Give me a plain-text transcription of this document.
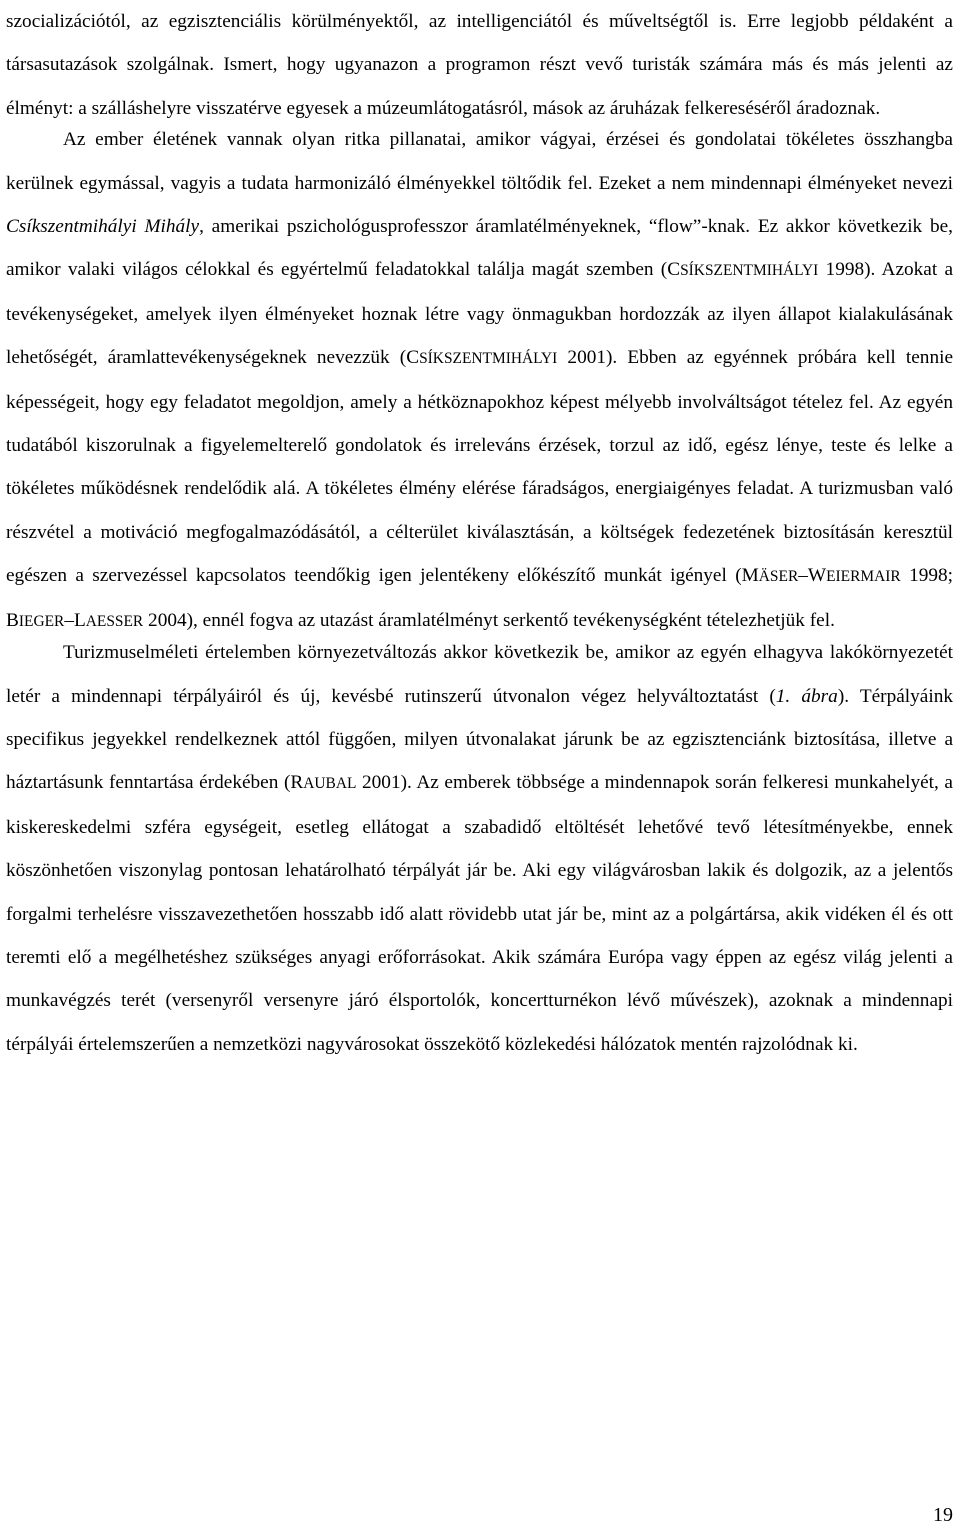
szocializációtól, az egzisztenciális körülményektől, az intelligenciától és műveltségtől is. Erre legjobb példaként a társasutazások szolgálnak. Ismert, hogy ugyanazon a programon részt vevő turisták számára más és más jelenti az élményt: a szálláshelyre visszatérve egyesek a múzeumlátogatásról, mások az áruházak felkereséséről áradoznak.

Az ember életének vannak olyan ritka pillanatai, amikor vágyai, érzései és gondolatai tökéletes összhangba kerülnek egymással, vagyis a tudata harmonizáló élményekkel töltődik fel. Ezeket a nem mindennapi élményeket nevezi Csíkszentmihályi Mihály, amerikai pszichológusprofesszor áramlatélményeknek, “flow”-knak. Ez akkor következik be, amikor valaki világos célokkal és egyértelmű feladatokkal találja magát szemben (CSÍKSZENTMIHÁLYI 1998). Azokat a tevékenységeket, amelyek ilyen élményeket hoznak létre vagy önmagukban hordozzák az ilyen állapot kialakulásának lehetőségét, áramlattevékenységeknek nevezzük (CSÍKSZENTMIHÁLYI 2001). Ebben az egyénnek próbára kell tennie képességeit, hogy egy feladatot megoldjon, amely a hétköznapokhoz képest mélyebb involváltságot tételez fel. Az egyén tudatából kiszorulnak a figyelemelterelő gondolatok és irreleváns érzések, torzul az idő, egész lénye, teste és lelke a tökéletes működésnek rendelődik alá. A tökéletes élmény elérése fáradságos, energiaigényes feladat. A turizmusban való részvétel a motiváció megfogalmazódásától, a célterület kiválasztásán, a költségek fedezetének biztosításán keresztül egészen a szervezéssel kapcsolatos teendőkig igen jelentékeny előkészítő munkát igényel (MÄSER–WEIERMAIR 1998; BIEGER–LAESSER 2004), ennél fogva az utazást áramlatélményt serkentő tevékenységként tételezhetjük fel.

Turizmuselméleti értelemben környezetváltozás akkor következik be, amikor az egyén elhagyva lakókörnyezetét letér a mindennapi térpályáiról és új, kevésbé rutinszerű útvonalon végez helyváltoztatást (1. ábra). Térpályáink specifikus jegyekkel rendelkeznek attól függően, milyen útvonalakat járunk be az egzisztenciánk biztosítása, illetve a háztartásunk fenntartása érdekében (RAUBAL 2001). Az emberek többsége a mindennapok során felkeresi munkahelyét, a kiskereskedelmi szféra egységeit, esetleg ellátogat a szabadidő eltöltését lehetővé tevő létesítményekbe, ennek köszönhetően viszonylag pontosan lehatárolható térpályát jár be. Aki egy világvárosban lakik és dolgozik, az a jelentős forgalmi terhelésre visszavezethetően hosszabb idő alatt rövidebb utat jár be, mint az a polgártársa, akik vidéken él és ott teremti elő a megélhetéshez szükséges anyagi erőforrásokat. Akik számára Európa vagy éppen az egész világ jelenti a munkavégzés terét (versenyről versenyre járó élsportolók, koncertturnékon lévő művészek), azoknak a mindennapi térpályái értelemszerűen a nemzetközi nagyvárosokat összekötő közlekedési hálózatok mentén rajzolódnak ki.

19
